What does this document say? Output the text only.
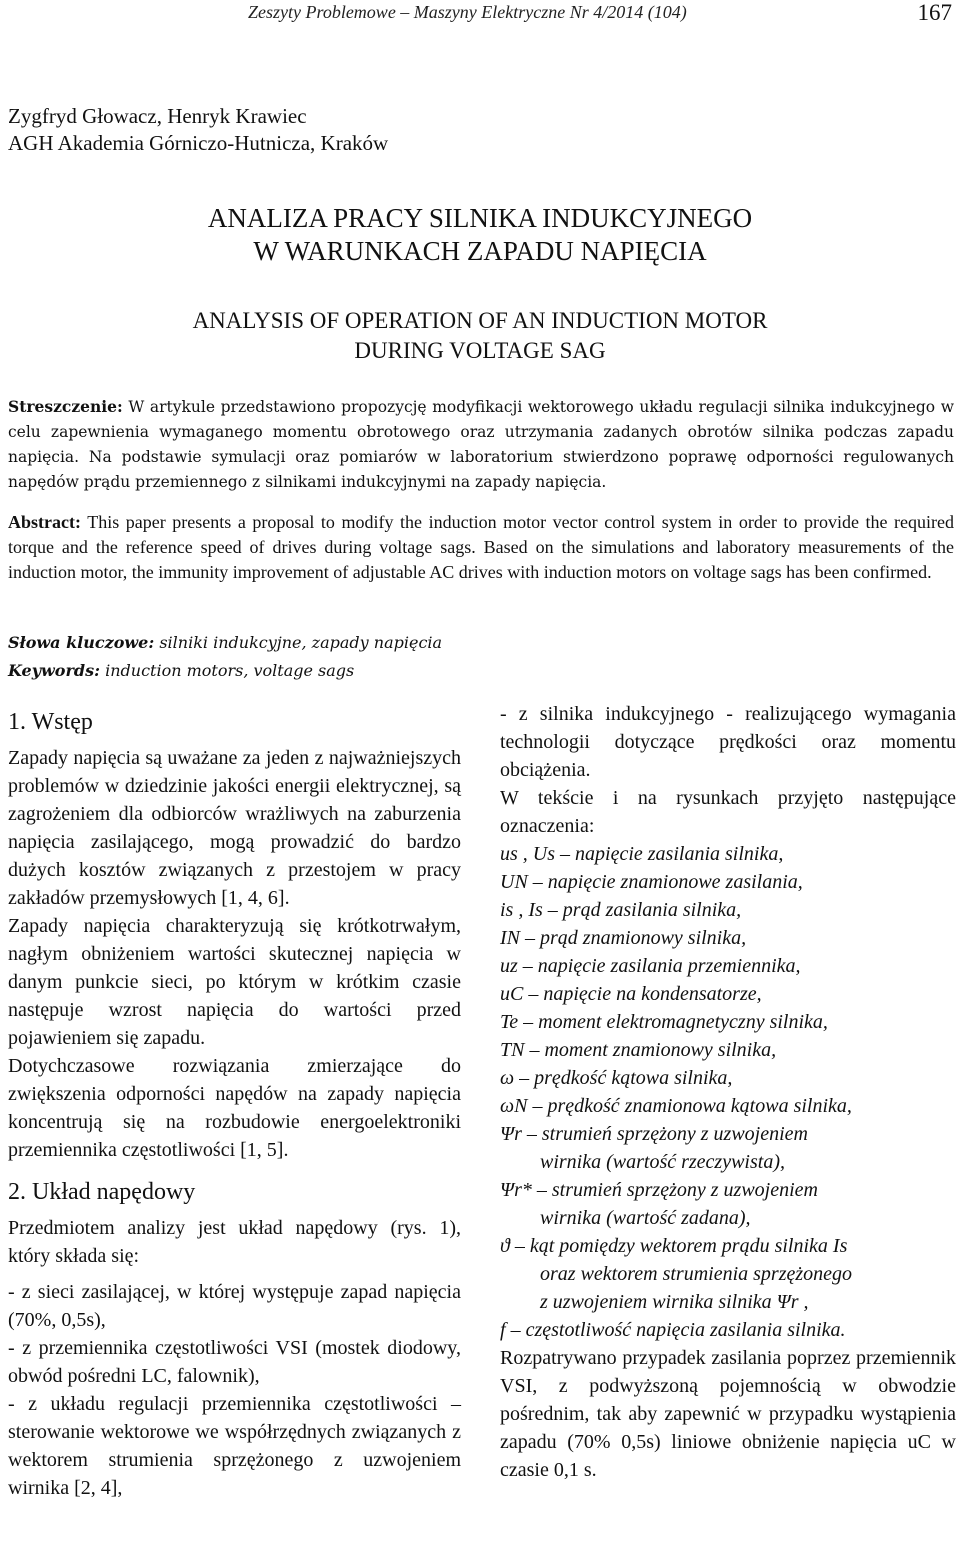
Zeszyty Problemowe – Maszyny Elektryczne Nr 4/2014 (104)	167
Zygfryd Głowacz, Henryk Krawiec
AGH Akademia Górniczo-Hutnicza, Kraków
ANALIZA PRACY SILNIKA INDUKCYJNEGO
W WARUNKACH ZAPADU NAPIĘCIA
ANALYSIS OF OPERATION OF AN INDUCTION MOTOR
DURING VOLTAGE SAG
Streszczenie: W artykule przedstawiono propozycję modyfikacji wektorowego układu regulacji silnika indukcyjnego w celu zapewnienia wymaganego momentu obrotowego oraz utrzymania zadanych obrotów silnika podczas zapadu napięcia. Na podstawie symulacji oraz pomiarów w laboratorium stwierdzono poprawę odporności regulowanych napędów prądu przemiennego z silnikami indukcyjnymi na zapady napięcia.
Abstract: This paper presents a proposal to modify the induction motor vector control system in order to provide the required torque and the reference speed of drives during voltage sags. Based on the simulations and laboratory measurements of the induction motor, the immunity improvement of adjustable AC drives with induction motors on voltage sags has been confirmed.
Słowa kluczowe: silniki indukcyjne, zapady napięcia
Keywords: induction motors, voltage sags
1. Wstęp

Zapady napięcia są uważane za jeden z najważniejszych problemów w dziedzinie jakości energii elektrycznej, są zagrożeniem dla odbiorców wrażliwych na zaburzenia napięcia zasilającego, mogą prowadzić do bardzo dużych kosztów związanych z przestojem w pracy zakładów przemysłowych [1, 4, 6].

Zapady napięcia charakteryzują się krótkotrwałym, nagłym obniżeniem wartości skutecznej napięcia w danym punkcie sieci, po którym w krótkim czasie następuje wzrost napięcia do wartości przed pojawieniem się zapadu.

Dotychczasowe rozwiązania zmierzające do zwiększenia odporności napędów na zapady napięcia koncentrują się na rozbudowie energoelektroniki przemiennika częstotliwości [1, 5].

2. Układ napędowy

Przedmiotem analizy jest układ napędowy (rys. 1), który składa się:

- z sieci zasilającej, w której występuje zapad napięcia (70%, 0,5s),

- z przemiennika częstotliwości VSI (mostek diodowy, obwód pośredni LC, falownik),

- z układu regulacji przemiennika częstotliwości – sterowanie wektorowe we współrzędnych związanych z wektorem strumienia sprzężonego z uzwojeniem wirnika [2, 4],

- z silnika indukcyjnego - realizującego wymagania technologii dotyczące prędkości oraz momentu obciążenia.

W tekście i na rysunkach przyjęto następujące oznaczenia:

us , Us – napięcie zasilania silnika,
UN – napięcie znamionowe zasilania,
is , Is – prąd zasilania silnika,
IN – prąd znamionowy silnika,
uz – napięcie zasilania przemiennika,
uC – napięcie na kondensatorze,
Te – moment elektromagnetyczny silnika,
TN – moment znamionowy silnika,
ω – prędkość kątowa silnika,
ωN – prędkość znamionowa kątowa silnika,
Ψr – strumień sprzężony z uzwojeniem
wirnika (wartość rzeczywista),
Ψr* – strumień sprzężony z uzwojeniem
wirnika (wartość zadana),
ϑ – kąt pomiędzy wektorem prądu silnika Is
oraz wektorem strumienia sprzężonego
z uzwojeniem wirnika silnika Ψr ,
f – częstotliwość napięcia zasilania silnika.

Rozpatrywano przypadek zasilania poprzez przemiennik VSI, z podwyższoną pojemnością w obwodzie pośrednim, tak aby zapewnić w przypadku wystąpienia zapadu (70% 0,5s) liniowe obniżenie napięcia uC w czasie 0,1 s.
